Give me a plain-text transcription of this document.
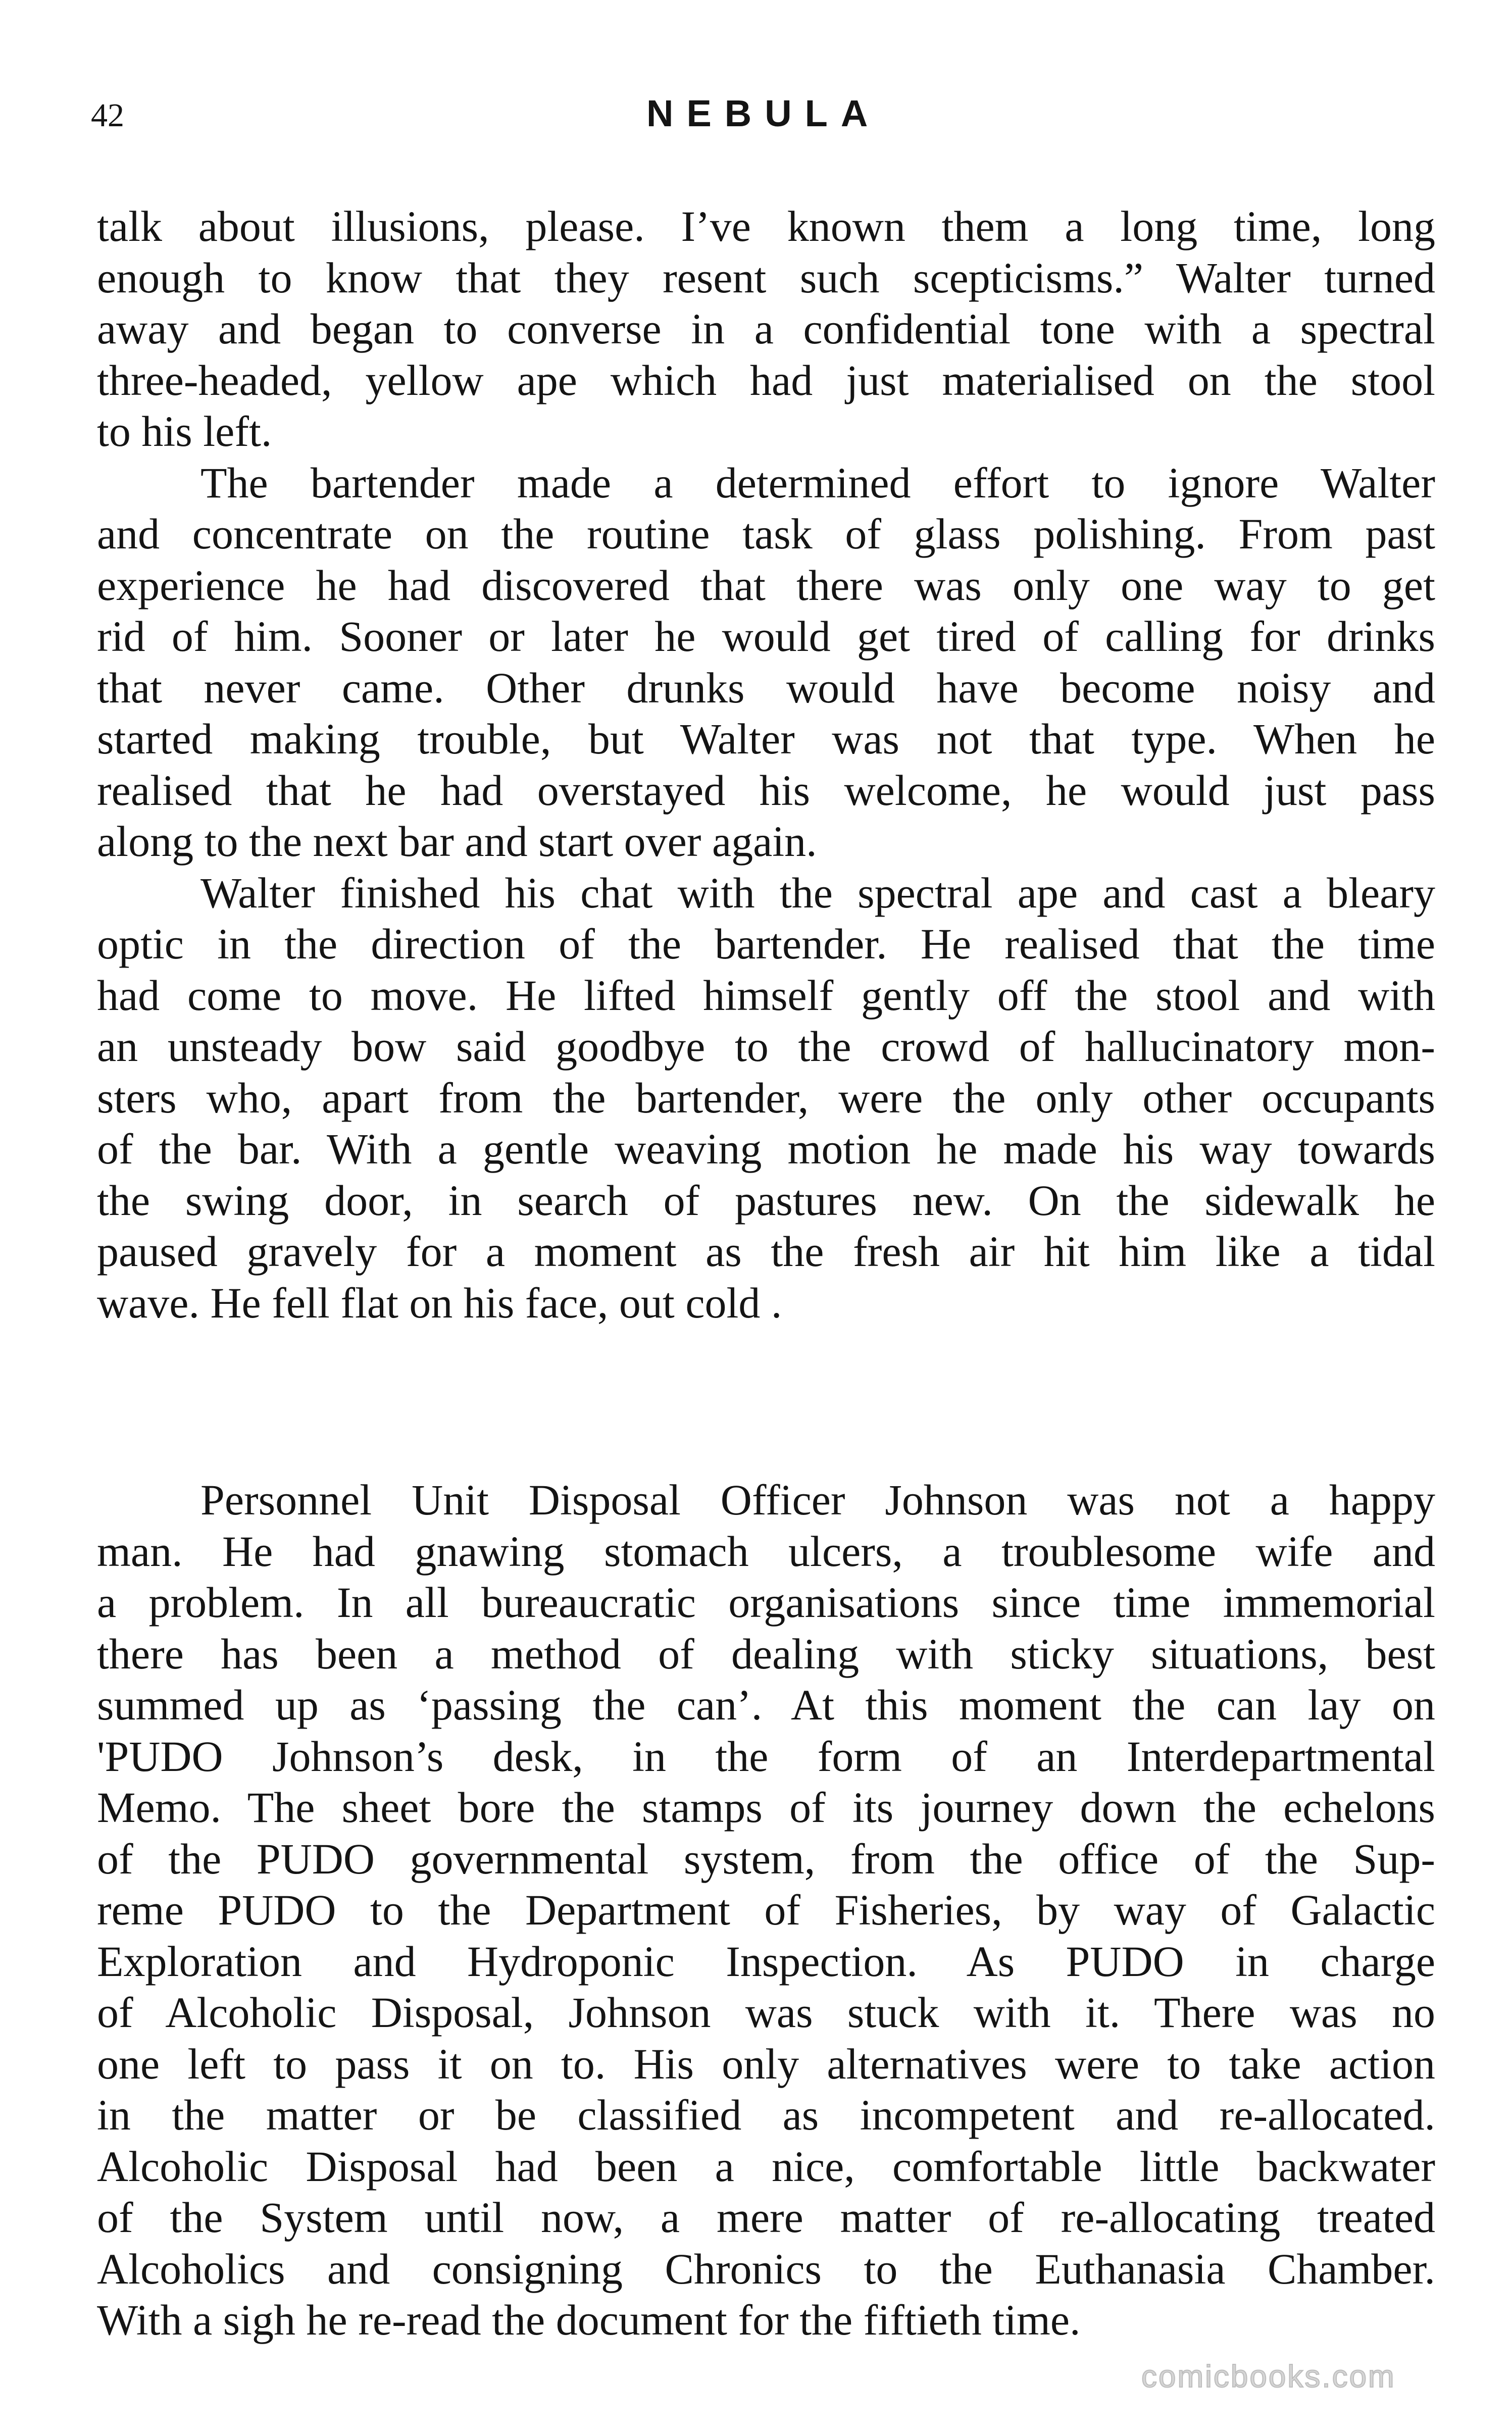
42	NEBULA
talk about illusions, please. I’ve known them a long time, long
enough to know that they resent such scepticisms.” Walter turned
away and began to converse in a confidential tone with a spectral
three-headed, yellow ape which had just materialised on the stool
to his left.
The bartender made a determined effort to ignore Walter
and concentrate on the routine task of glass polishing. From past
experience he had discovered that there was only one way to get
rid of him. Sooner or later he would get tired of calling for drinks
that never came. Other drunks would have become noisy and
started making trouble, but Walter was not that type. When he
realised that he had overstayed his welcome, he would just pass
along to the next bar and start over again.
Walter finished his chat with the spectral ape and cast a bleary
optic in the direction of the bartender. He realised that the time
had come to move. He lifted himself gently off the stool and with
an unsteady bow said goodbye to the crowd of hallucinatory mon-
sters who, apart from the bartender, were the only other occupants
of the bar. With a gentle weaving motion he made his way towards
the swing door, in search of pastures new. On the sidewalk he
paused gravely for a moment as the fresh air hit him like a tidal
wave. He fell flat on his face, out cold .
Personnel Unit Disposal Officer Johnson was not a happy
man. He had gnawing stomach ulcers, a troublesome wife and
a problem. In all bureaucratic organisations since time immemorial
there has been a method of dealing with sticky situations, best
summed up as ‘passing the can’. At this moment the can lay on
'PUDO Johnson’s desk, in the form of an Interdepartmental
Memo. The sheet bore the stamps of its journey down the echelons
of the PUDO governmental system, from the office of the Sup-
reme PUDO to the Department of Fisheries, by way of Galactic
Exploration and Hydroponic Inspection. As PUDO in charge
of Alcoholic Disposal, Johnson was stuck with it. There was no
one left to pass it on to. His only alternatives were to take action
in the matter or be classified as incompetent and re-allocated.
Alcoholic Disposal had been a nice, comfortable little backwater
of the System until now, a mere matter of re-allocating treated
Alcoholics and consigning Chronics to the Euthanasia Chamber.
With a sigh he re-read the document for the fiftieth time.
comicbooks.com
